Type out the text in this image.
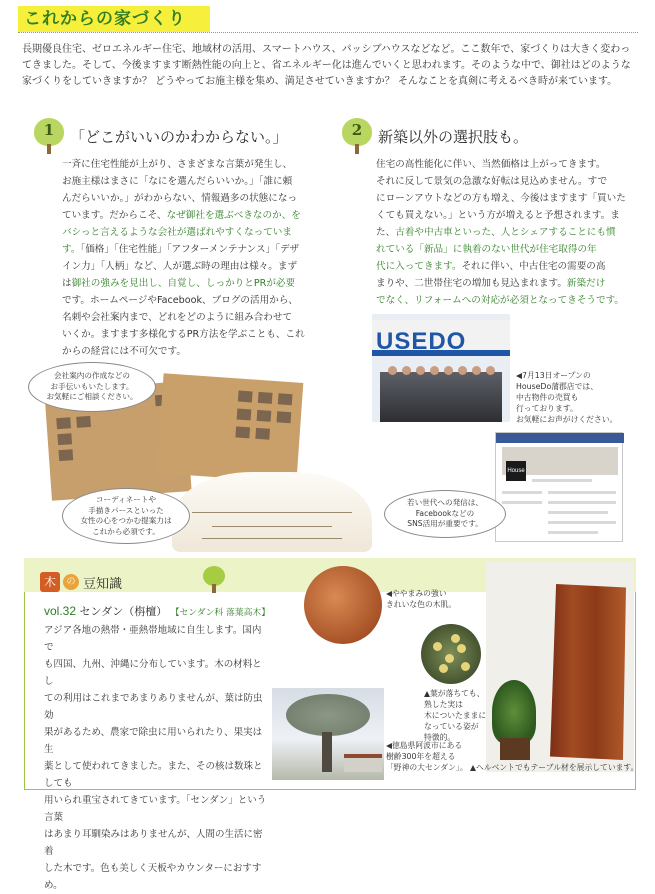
これからの家づくり
長期優良住宅、ゼロエネルギー住宅、地域材の活用、スマートハウス、パッシブハウスなどなど。ここ数年で、家づくりは大きく変わってきました。そして、今後ますます断熱性能の向上と、省エネルギー化は進んでいくと思われます。そのような中で、御社はどのような家づくりをしていきますか？ どうやってお施主様を集め、満足させていきますか？ そんなことを真剣に考えるべき時が来ています。
1	「どこがいいのかわからない。」	2	新築以外の選択肢も。

一斉に住宅性能が上がり、さまざまな言葉が発生し、
お施主様はまさに「なにを選んだらいいか。」「誰に頼
んだらいいか。」がわからない、情報過多の状態になっ
ています。だからこそ、なぜ御社を選ぶべきなのか、を
バシっと言えるような会社が選ばれやすくなっていま
す。「価格」「住宅性能」「アフターメンテナンス」「デザ
イン力」「人柄」など、人が選ぶ時の理由は様々。まず
は御社の強みを見出し、自覚し、しっかりとPRが必要
です。ホームページやFacebook、ブログの活用から、
名刺や会社案内まで、どれをどのように組み合わせて
いくか。ますます多様化するPR方法を学ぶことも、これ
からの経営には不可欠です。

住宅の高性能化に伴い、当然価格は上がってきます。
それに反して景気の急激な好転は見込めません。すで
にローンアウトなどの方も増え、今後はますます「買いた
くても買えない。」という方が増えると予想されます。ま
た、古着や中古車といった、人とシェアすることにも慣
れている「新品」に執着のない世代が住宅取得の年
代に入ってきます。それに伴い、中古住宅の需要の高
まりや、二世帯住宅の増加も見込まれます。新築だけ
でなく、リフォームへの対応が必須となってきそうです。

会社案内の作成などの
お手伝いもいたします。
お気軽にご相談ください。
コーディネートや
手描きパースといった
女性の心をつかむ提案力は
これから必須です。
USEDO
◀7月13日オープンの
HouseDo蒲郡店では、
中古物件の売買も
行っております。
お気軽にお声がけください。
House
若い世代への発信は、
Facebookなどの
SNS活用が重要です。
木	の 豆知識
vol.32 センダン（栴檀） 【センダン科 落葉高木】
アジア各地の熱帯・亜熱帯地域に自生します。国内で
も四国、九州、沖縄に分布しています。木の材料とし
ての利用はこれまであまりありませんが、葉は防虫効
果があるため、農家で除虫に用いられたり、果実は生
薬として使われてきました。また、その核は数珠としても
用いられ重宝されてきています。「センダン」という言葉
はあまり耳馴染みはありませんが、人間の生活に密着
した木です。色も美しく天板やカウンターにおすすめ。
◀ややまみの強い
きれいな色の木肌。
▲葉が落ちても、
熟した実は
木についたままに
なっている姿が
特徴的。
◀徳島県阿波市にある
樹齢300年を超える
「野神の大センダン」。 ▲ヘルベントでもテーブル材を展示しています。
